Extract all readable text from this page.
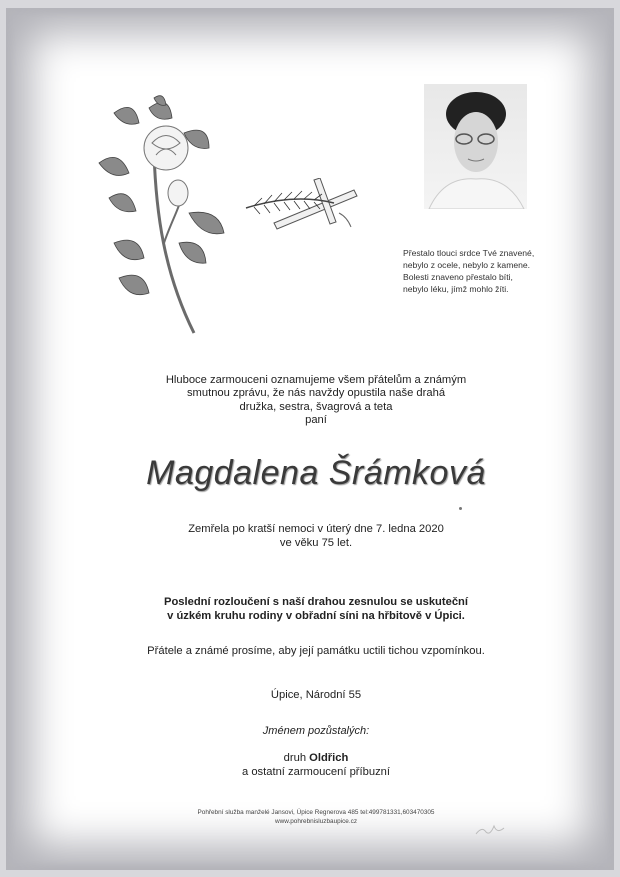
Přestalo tlouci srdce Tvé znavené,
nebylo z ocele, nebylo z kamene.
Bolesti znaveno přestalo bíti,
nebylo léku, jímž mohlo žíti.
Hluboce zarmouceni oznamujeme všem přátelům a známým
smutnou zprávu, že nás navždy opustila naše drahá
družka, sestra, švagrová a teta
paní
Magdalena Šrámková
Zemřela po kratší nemoci v úterý dne 7. ledna 2020
ve věku 75 let.
Poslední rozloučení s naší drahou zesnulou se uskuteční
v úzkém kruhu rodiny v obřadní síni na hřbitově v Úpici.
Přátele a známé prosíme, aby její památku uctili tichou vzpomínkou.
Úpice, Národní 55
Jménem pozůstalých:
druh Oldřich
a ostatní zarmoucení příbuzní
Pohřební služba manželé Jansovi, Úpice Regnerova 485 tel:499781331,603470305
www.pohrebnisluzbaupice.cz
